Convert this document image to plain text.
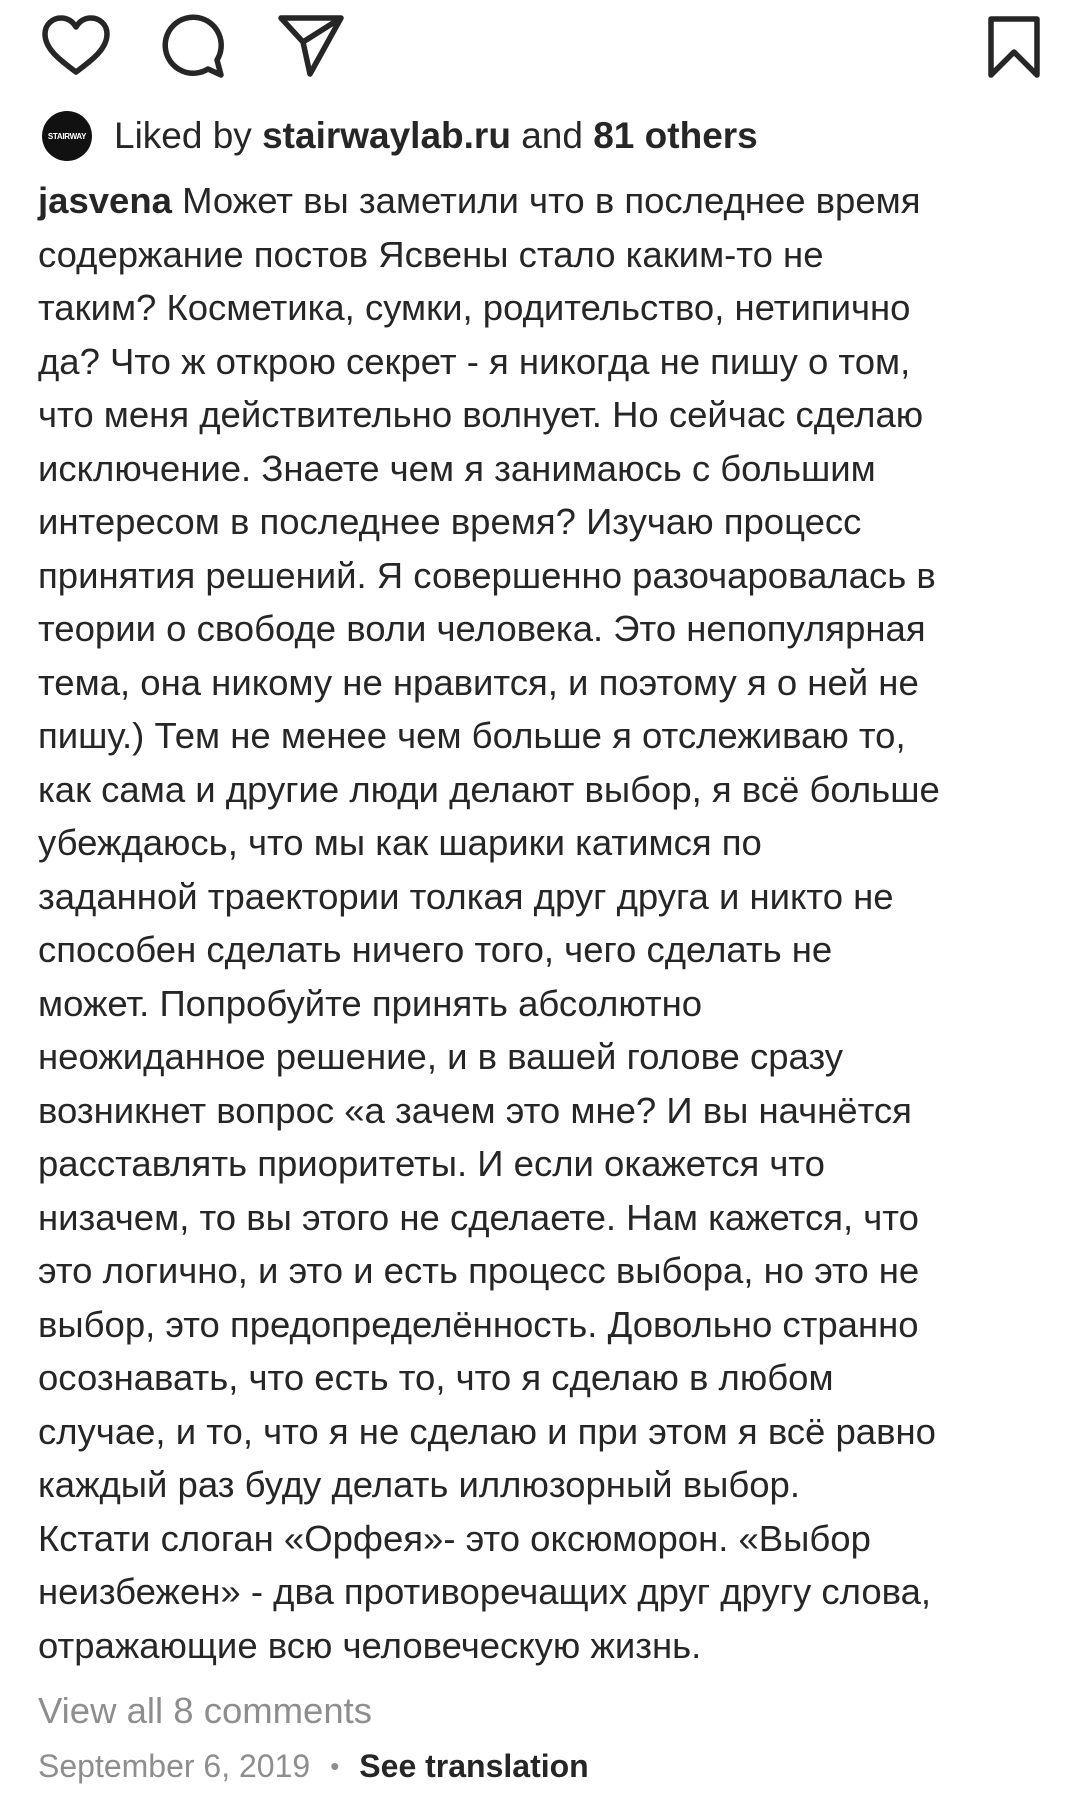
STAIRWAY Liked by stairwaylab.ru and 81 others
jasvena Может вы заметили что в последнее время
содержание постов Ясвены стало каким-то не
таким? Косметика, сумки, родительство, нетипично
да? Что ж открою секрет - я никогда не пишу о том,
что меня действительно волнует. Но сейчас сделаю
исключение. Знаете чем я занимаюсь с большим
интересом в последнее время? Изучаю процесс
принятия решений. Я совершенно разочаровалась в
теории о свободе воли человека. Это непопулярная
тема, она никому не нравится, и поэтому я о ней не
пишу.) Тем не менее чем больше я отслеживаю то,
как сама и другие люди делают выбор, я всё больше
убеждаюсь, что мы как шарики катимся по
заданной траектории толкая друг друга и никто не
способен сделать ничего того, чего сделать не
может. Попробуйте принять абсолютно
неожиданное решение, и в вашей голове сразу
возникнет вопрос «а зачем это мне? И вы начнётся
расставлять приоритеты. И если окажется что
низачем, то вы этого не сделаете. Нам кажется, что
это логично, и это и есть процесс выбора, но это не
выбор, это предопределённость. Довольно странно
осознавать, что есть то, что я сделаю в любом
случае, и то, что я не сделаю и при этом я всё равно
каждый раз буду делать иллюзорный выбор.
Кстати слоган «Орфея»- это оксюморон. «Выбор
неизбежен» - два противоречащих друг другу слова,
отражающие всю человеческую жизнь.
View all 8 comments
September 6, 2019 • See translation
